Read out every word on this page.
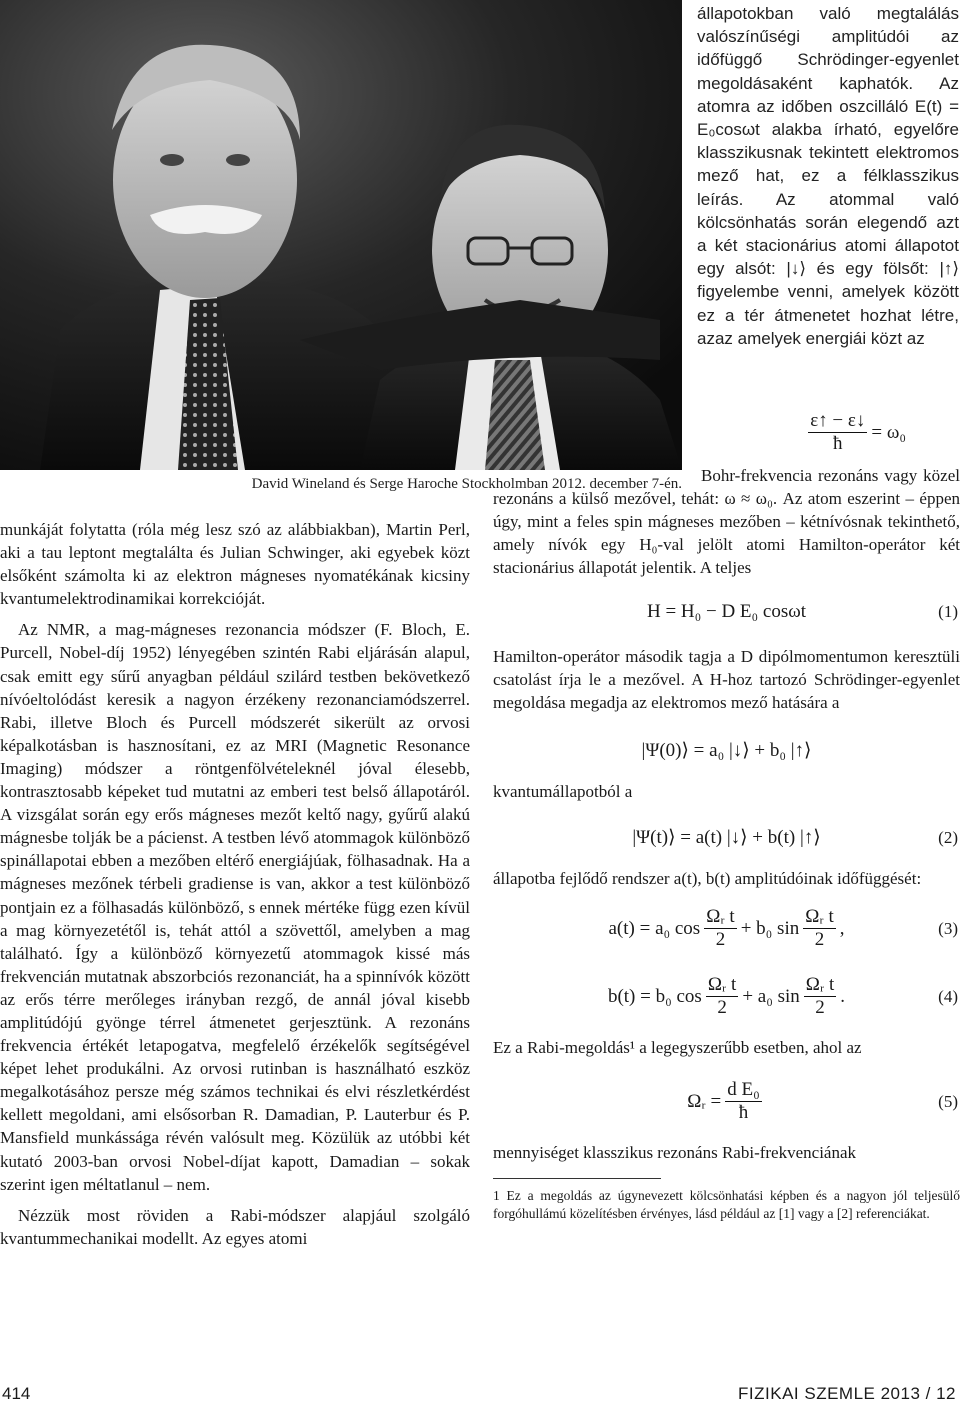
David Wineland és Serge Haroche Stockholmban 2012. december 7-én.

állapotokban való megtalálás valószínűségi amplitúdói az időfüggő Schrödinger-egyenlet megoldásaként kaphatók. Az atomra az időben oszcilláló E(t) = E₀cosωt alakba írható, egyelőre klasszikusnak tekintett elektromos mező hat, ez a félklasszikus leírás. Az atommal való kölcsönhatás során elegendő azt a két stacionárius atomi állapotot egy alsót: |↓⟩ és egy fölsőt: |↑⟩ figyelembe venni, amelyek között ez a tér átmenetet hozhat létre, azaz amelyek energiái közt az

$\frac{\varepsilon↑ - \varepsilon↓}{ħ} = \omega_0$

Bohr-frekvencia rezonáns vagy közel rezonáns a külső mezővel, tehát: ω ≈ ω₀. Az atom eszerint – éppen úgy, mint a feles spin mágneses mezőben – kétnívósnak tekinthető, amely nívók egy H₀-val jelölt atomi Hamilton-operátor két stacionárius állapotát jelentik. A teljes

H = H₀ − D E₀ cosωt	(1)

Hamilton-operátor második tagja a D dipólmomentumon keresztüli csatolást írja le a mezővel. A H-hoz tartozó Schrödinger-egyenlet megoldása megadja az elektromos mező hatására a

|Ψ(0)⟩ = a₀ |↓⟩ + b₀ |↑⟩

kvantumállapotból a

|Ψ(t)⟩ = a(t) |↓⟩ + b(t) |↑⟩	(2)

állapotba fejlődő rendszer a(t), b(t) amplitúdóinak időfüggését:

a(t) = a₀ $\cos \frac{\text{Ωᵣ t}}{2} + b_0$ $\sin \frac{\text{Ωᵣ t}}{2}$ ,	(3)
b(t) = b₀ $\cos \frac{\text{Ωᵣ t}}{2} + a_0$ $\sin \frac{\text{Ωᵣ t}}{2}$ .	(4)

Ez a Rabi-megoldás¹ a legegyszerűbb esetben, ahol az

Ωᵣ = $\frac{\text{d E₀}}{ħ}$	(5)

mennyiséget klasszikus rezonáns Rabi-frekvenciának

1 Ez a megoldás az úgynevezett kölcsönhatási képben és a nagyon jól teljesülő forgóhullámú közelítésben érvényes, lásd például az [1] vagy a [2] referenciákat.

munkáját folytatta (róla még lesz szó az alábbiakban), Martin Perl, aki a tau leptont megtalálta és Julian Schwinger, aki egyebek közt elsőként számolta ki az elektron mágneses nyomatékának kicsiny kvantumelektrodinamikai korrekcióját.

Az NMR, a mag-mágneses rezonancia módszer (F. Bloch, E. Purcell, Nobel-díj 1952) lényegében szintén Rabi eljárásán alapul, csak emitt egy sűrű anyagban például szilárd testben bekövetkező nívóeltolódást keresik a nagyon érzékeny rezonanciamódszerrel. Rabi, illetve Bloch és Purcell módszerét sikerült az orvosi képalkotásban is hasznosítani, ez az MRI (Magnetic Resonance Imaging) módszer a röntgenfölvételeknél jóval élesebb, kontrasztosabb képeket tud mutatni az emberi test belső állapotáról. A vizsgálat során egy erős mágneses mezőt keltő nagy, gyűrű alakú mágnesbe tolják be a pácienst. A testben lévő atommagok különböző spinállapotai ebben a mezőben eltérő energiájúak, fölhasadnak. Ha a mágneses mezőnek térbeli gradiense is van, akkor a test különböző pontjain ez a fölhasadás különböző, s ennek mértéke függ ezen kívül a mag környezetétől is, tehát attól a szövettől, amelyben a mag található. Így a különböző környezetű atommagok kissé más frekvencián mutatnak abszorbciós rezonanciát, ha a spinnívók között az erős térre merőleges irányban rezgő, de annál jóval kisebb amplitúdójú gyönge térrel átmenetet gerjesztünk. A rezonáns frekvencia értékét letapogatva, megfelelő érzékelők segítségével képet lehet produkálni. Az orvosi rutinban is használható eszköz megalkotásához persze még számos technikai és elvi részletkérdést kellett megoldani, ami elsősorban R. Damadian, P. Lauterbur és P. Mansfield munkássága révén valósult meg. Közülük az utóbbi két kutató 2003-ban orvosi Nobel-díjat kapott, Damadian – sokak szerint igen méltatlanul – nem.

Nézzük most röviden a Rabi-módszer alapjául szolgáló kvantummechanikai modellt. Az egyes atomi

414	FIZIKAI SZEMLE 2013 / 12
